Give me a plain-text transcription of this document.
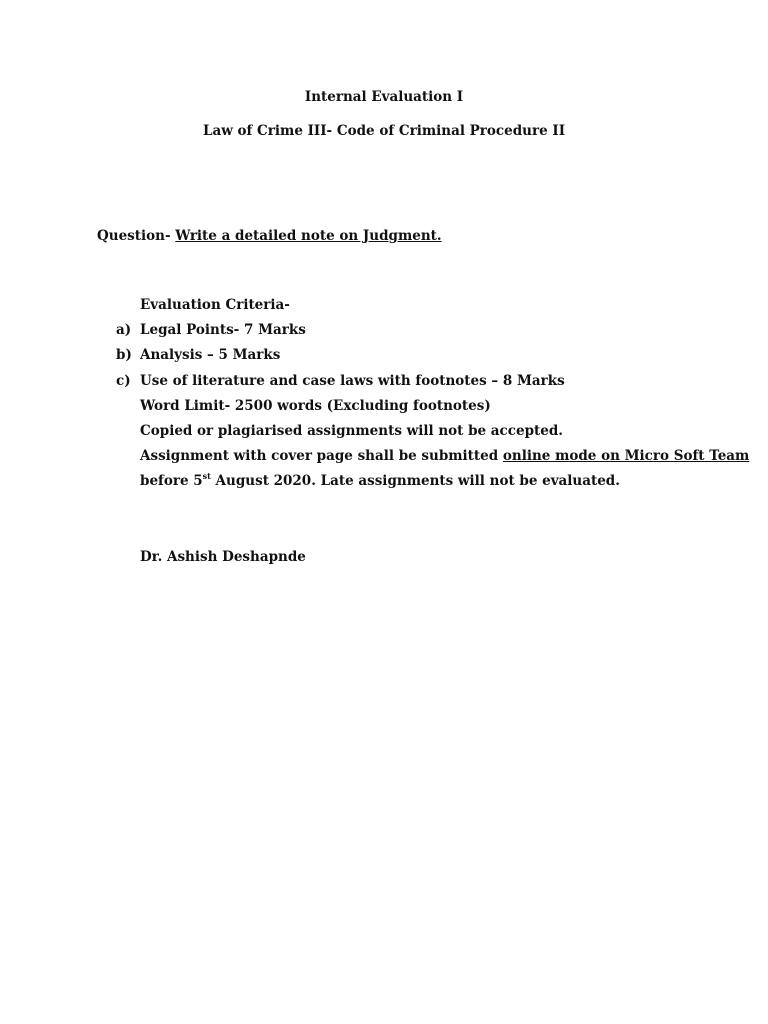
Internal Evaluation I
Law of Crime III- Code of Criminal Procedure II
Question- Write a detailed note on Judgment.
Evaluation Criteria-
a) Legal Points- 7 Marks
b) Analysis – 5 Marks
c) Use of literature and case laws with footnotes – 8 Marks
Word Limit- 2500 words (Excluding footnotes)
Copied or plagiarised assignments will not be accepted.
Assignment with cover page shall be submitted online mode on Micro Soft Team
before 5st August 2020. Late assignments will not be evaluated.
Dr. Ashish Deshapnde
